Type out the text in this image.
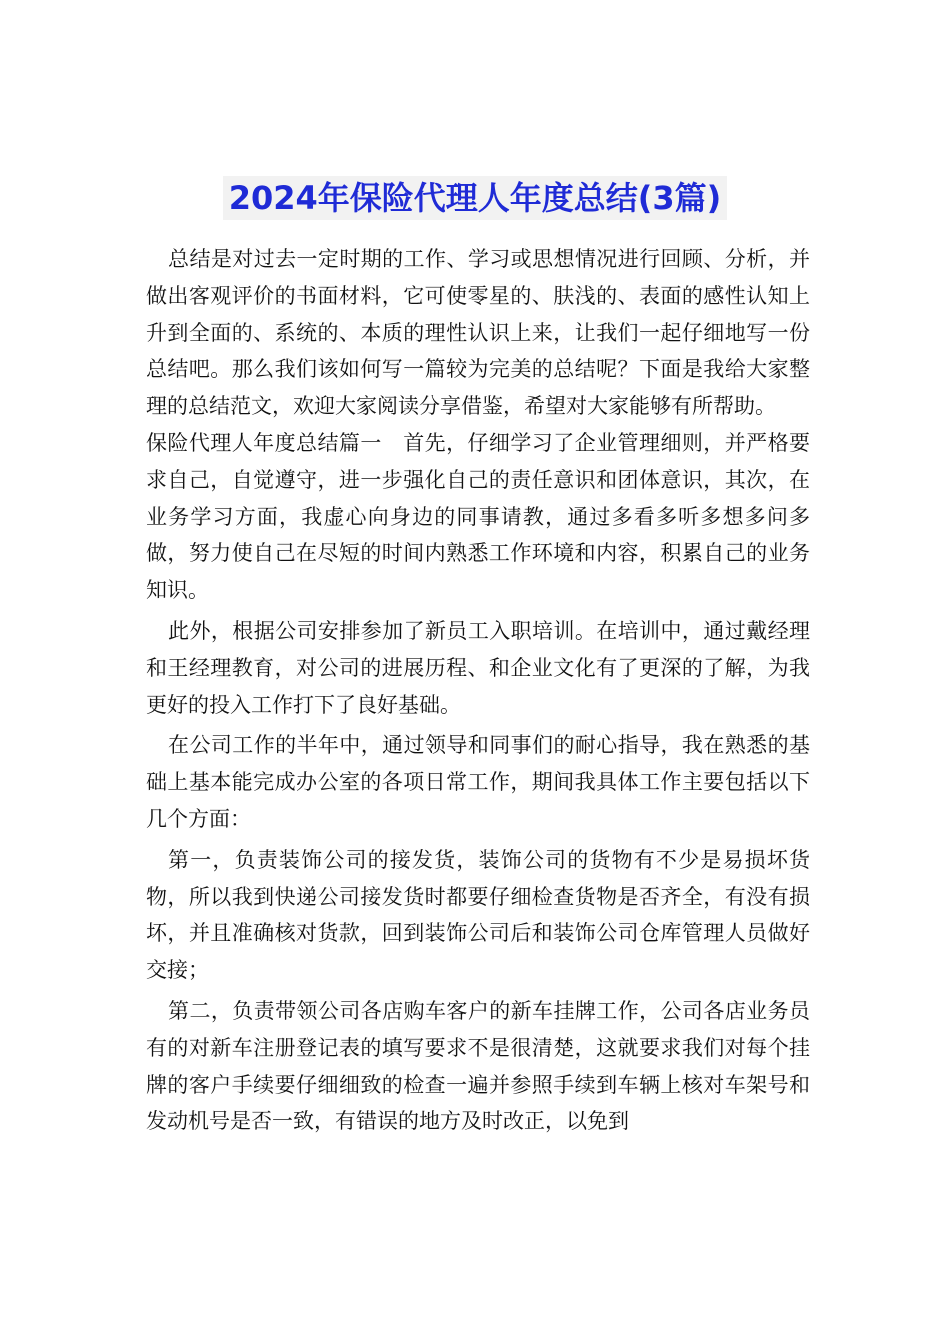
2024年保险代理人年度总结(3篇)

总结是对过去一定时期的工作、学习或思想情况进行回顾、分析，并做出客观评价的书面材料，它可使零星的、肤浅的、表面的感性认知上升到全面的、系统的、本质的理性认识上来，让我们一起仔细地写一份总结吧。那么我们该如何写一篇较为完美的总结呢？下面是我给大家整理的总结范文，欢迎大家阅读分享借鉴，希望对大家能够有所帮助。

保险代理人年度总结篇一　首先，仔细学习了企业管理细则，并严格要求自己，自觉遵守，进一步强化自己的责任意识和团体意识，其次，在业务学习方面，我虚心向身边的同事请教，通过多看多听多想多问多做，努力使自己在尽短的时间内熟悉工作环境和内容，积累自己的业务知识。

此外，根据公司安排参加了新员工入职培训。在培训中，通过戴经理和王经理教育，对公司的进展历程、和企业文化有了更深的了解，为我更好的投入工作打下了良好基础。

在公司工作的半年中，通过领导和同事们的耐心指导，我在熟悉的基础上基本能完成办公室的各项日常工作，期间我具体工作主要包括以下几个方面：

第一，负责装饰公司的接发货，装饰公司的货物有不少是易损坏货物，所以我到快递公司接发货时都要仔细检查货物是否齐全，有没有损坏，并且准确核对货款，回到装饰公司后和装饰公司仓库管理人员做好交接；

第二，负责带领公司各店购车客户的新车挂牌工作，公司各店业务员有的对新车注册登记表的填写要求不是很清楚，这就要求我们对每个挂牌的客户手续要仔细细致的检查一遍并参照手续到车辆上核对车架号和发动机号是否一致，有错误的地方及时改正，以免到
